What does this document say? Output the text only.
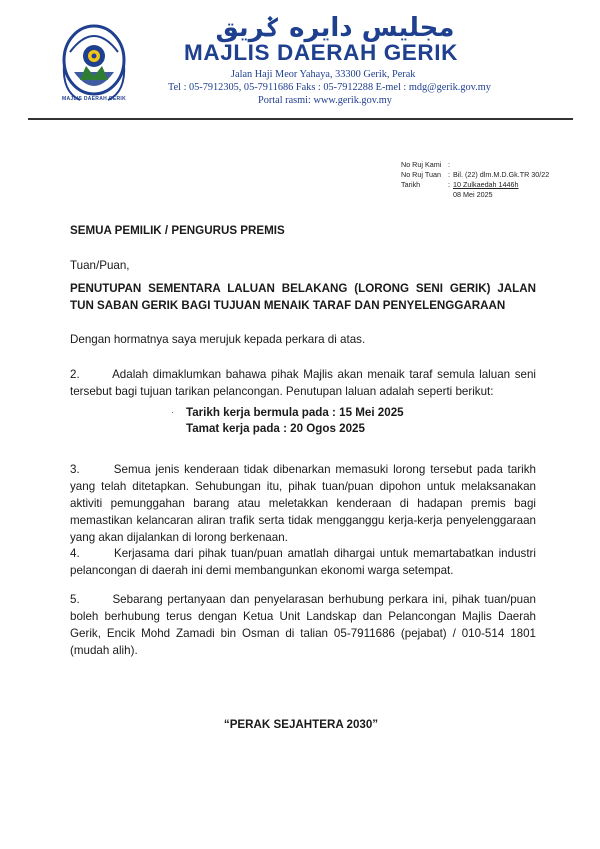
MAJLIS DAERAH GERIK
مجليس دايره ݢريق
MAJLIS DAERAH GERIK
Jalan Haji Meor Yahaya, 33300 Gerik, Perak
Tel : 05-7912305, 05-7911686 Faks : 05-7912288 E-mel : mdg@gerik.gov.my
Portal rasmi: www.gerik.gov.my
No Ruj Kami :
No Ruj Tuan : Bil. (22) dlm.M.D.Gk.TR 30/22
Tarikh	: 10 Zulkaedah 1446h
08 Mei 2025
SEMUA PEMILIK / PENGURUS PREMIS
Tuan/Puan,
PENUTUPAN SEMENTARA LALUAN BELAKANG (LORONG SENI GERIK) JALAN TUN SABAN GERIK BAGI TUJUAN MENAIK TARAF DAN PENYELENGGARAAN
Dengan hormatnya saya merujuk kepada perkara di atas.
2.	Adalah dimaklumkan bahawa pihak Majlis akan menaik taraf semula laluan seni tersebut bagi tujuan tarikan pelancongan. Penutupan laluan adalah seperti berikut:
· Tarikh kerja bermula pada : 15 Mei 2025
Tamat kerja pada : 20 Ogos 2025
3.	Semua jenis kenderaan tidak dibenarkan memasuki lorong tersebut pada tarikh yang telah ditetapkan. Sehubungan itu, pihak tuan/puan dipohon untuk melaksanakan aktiviti pemunggahan barang atau meletakkan kenderaan di hadapan premis bagi memastikan kelancaran aliran trafik serta tidak mengganggu kerja-kerja penyelenggaraan yang akan dijalankan di lorong berkenaan.
4.	Kerjasama dari pihak tuan/puan amatlah dihargai untuk memartabatkan industri pelancongan di daerah ini demi membangunkan ekonomi warga setempat.
5.	Sebarang pertanyaan dan penyelarasan berhubung perkara ini, pihak tuan/puan boleh berhubung terus dengan Ketua Unit Landskap dan Pelancongan Majlis Daerah Gerik, Encik Mohd Zamadi bin Osman di talian 05-7911686 (pejabat) / 010-514 1801 (mudah alih).
“PERAK SEJAHTERA 2030”
